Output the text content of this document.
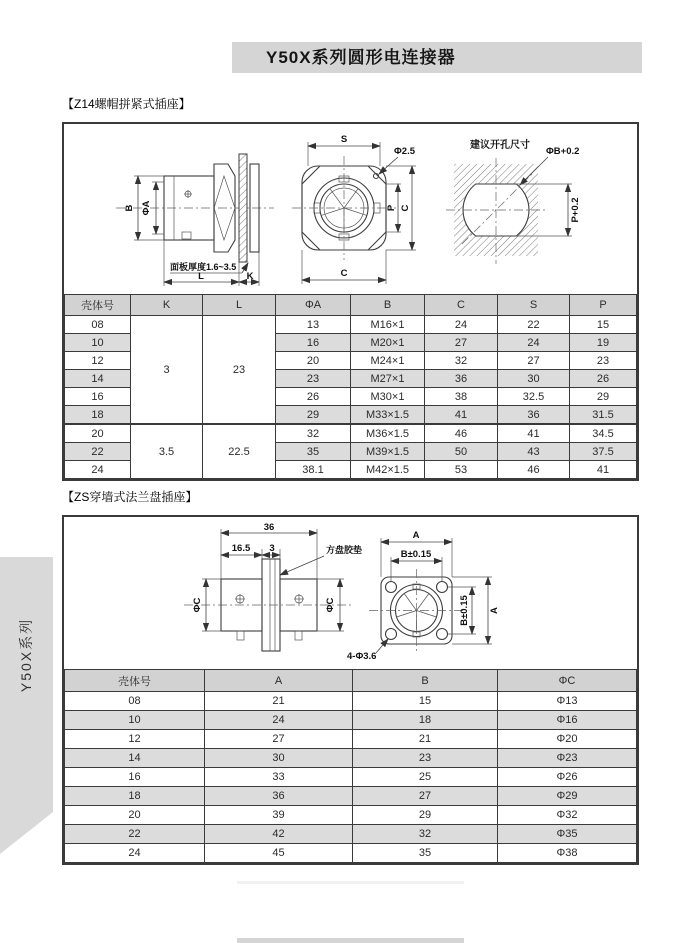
Y50X系列圆形电连接器
【Z14螺帽拼紧式插座】
B ΦA
面板厚度1.6~3.5
L	K
S
Φ2.5
C
P C
建议开孔尺寸
ΦB+0.2
P+0.2
壳体号	K	L	ΦA	B	C	S	P
08	3	23	13	M16×1	24	22	15
10			16	M20×1	27	24	19
12			20	M24×1	32	27	23
14			23	M27×1	36	30	26
16			26	M30×1	38	32.5	29
18			29	M33×1.5	41	36	31.5
20	3.5	22.5	32	M36×1.5	46	41	34.5
22			35	M39×1.5	50	43	37.5
24			38.1	M42×1.5	53	46	41
【ZS穿墙式法兰盘插座】
36
16.5 3	方盘胶垫
ΦC	ΦC
4-Φ3.6
A
B±0.15
B±0.15 A
壳体号	A	B	ΦC
08	21	15	Φ13
10	24	18	Φ16
12	27	21	Φ20
14	30	23	Φ23
16	33	25	Φ26
18	36	27	Φ29
20	39	29	Φ32
22	42	32	Φ35
24	45	35	Φ38
Y50X系列
